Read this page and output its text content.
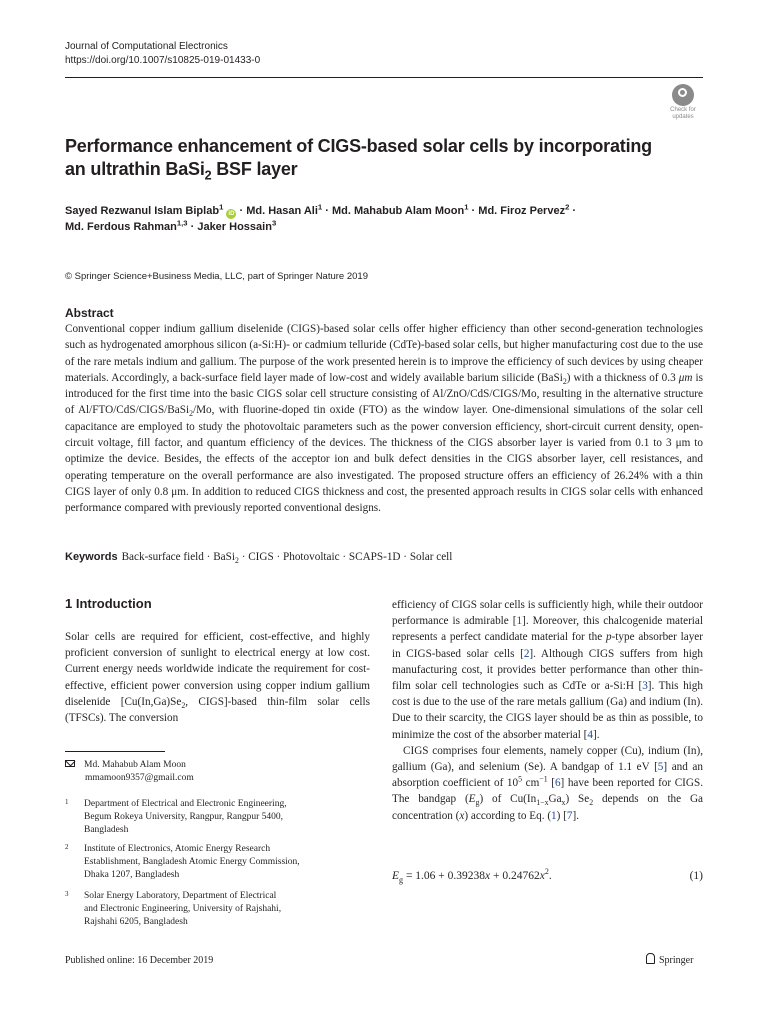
Journal of Computational Electronics
https://doi.org/10.1007/s10825-019-01433-0
Check for
updates
Performance enhancement of CIGS-based solar cells by incorporating
an ultrathin BaSi$_2$ BSF layer
Sayed Rezwanul Islam Biplab$^1$ iD · Md. Hasan Ali$^1$ · Md. Mahabub Alam Moon$^1$ · Md. Firoz Pervez$^2$ ·
Md. Ferdous Rahman$^{1,3}$ · Jaker Hossain$^3$
© Springer Science+Business Media, LLC, part of Springer Nature 2019
Abstract

Conventional copper indium gallium diselenide (CIGS)-based solar cells offer higher efficiency than other second-generation technologies such as hydrogenated amorphous silicon (a-Si:H)- or cadmium telluride (CdTe)-based solar cells, but higher manufacturing cost due to the use of the rare metals indium and gallium. The purpose of the work presented herein is to improve the efficiency of such devices by using cheaper materials. Accordingly, a back-surface field layer made of low-cost and widely available barium silicide (BaSi$_2$) with a thickness of 0.3 μm is introduced for the first time into the basic CIGS solar cell structure consisting of Al/ZnO/CdS/CIGS/Mo, resulting in the alternative structure of Al/FTO/CdS/CIGS/BaSi$_2$/Mo, with fluorine-doped tin oxide (FTO) as the window layer. One-dimensional simulations of the solar cell capacitance are employed to study the photovoltaic parameters such as the power conversion efficiency, short-circuit current density, open-circuit voltage, fill factor, and quantum efficiency of the devices. The thickness of the CIGS absorber layer is varied from 0.1 to 3 μm to optimize the device. Besides, the effects of the acceptor ion and bulk defect densities in the CIGS absorber layer, cell resistances, and operating temperature on the overall performance are also investigated. The proposed structure offers an efficiency of 26.24% with a thin CIGS layer of only 0.8 μm. In addition to reduced CIGS thickness and cost, the presented approach results in CIGS solar cells with enhanced performance compared with previously reported conventional designs.

Keywords Back-surface field · BaSi$_2$ · CIGS · Photovoltaic · SCAPS-1D · Solar cell
1 Introduction

Solar cells are required for efficient, cost-effective, and highly proficient conversion of sunlight to electrical energy at low cost. Current energy needs worldwide indicate the requirement for cost-effective, efficient power conversion using copper indium gallium diselenide [$Cu(In,Ga)Se_2$, CIGS]-based thin-film solar cells (TFSCs). The conversion

Md. Mahabub Alam Moon
mmamoon9357@gmail.com
1 Department of Electrical and Electronic Engineering,
Begum Rokeya University, Rangpur, Rangpur 5400,
Bangladesh
2 Institute of Electronics, Atomic Energy Research
Establishment, Bangladesh Atomic Energy Commission,
Dhaka 1207, Bangladesh
3 Solar Energy Laboratory, Department of Electrical
and Electronic Engineering, University of Rajshahi,
Rajshahi 6205, Bangladesh

efficiency of CIGS solar cells is sufficiently high, while their outdoor performance is admirable [1]. Moreover, this chalcogenide material represents a perfect candidate material for the p-type absorber layer in CIGS-based solar cells [2]. Although CIGS suffers from high manufacturing cost, it provides better performance than other thin-film solar cell technologies such as CdTe or a-Si:H [3]. This high cost is due to the use of the rare metals gallium (Ga) and indium (In). Due to their scarcity, the CIGS layer should be as thin as possible, to minimize the cost of the absorber material [4].

CIGS comprises four elements, namely copper (Cu), indium (In), gallium (Ga), and selenium (Se). A bandgap of 1.1 eV [5] and an absorption coefficient of $10^5$ $cm^{-1}$ [6] have been reported for CIGS. The bandgap $(E_g)$ of $Cu(In_{1-x}Ga_x)$ $Se_2$ depends on the Ga concentration (x) according to Eq. (1) [7].

$E_g = 1.06 + 0.39238x + 0.24762x^2$.	(1)
Published online: 16 December 2019	Springer
